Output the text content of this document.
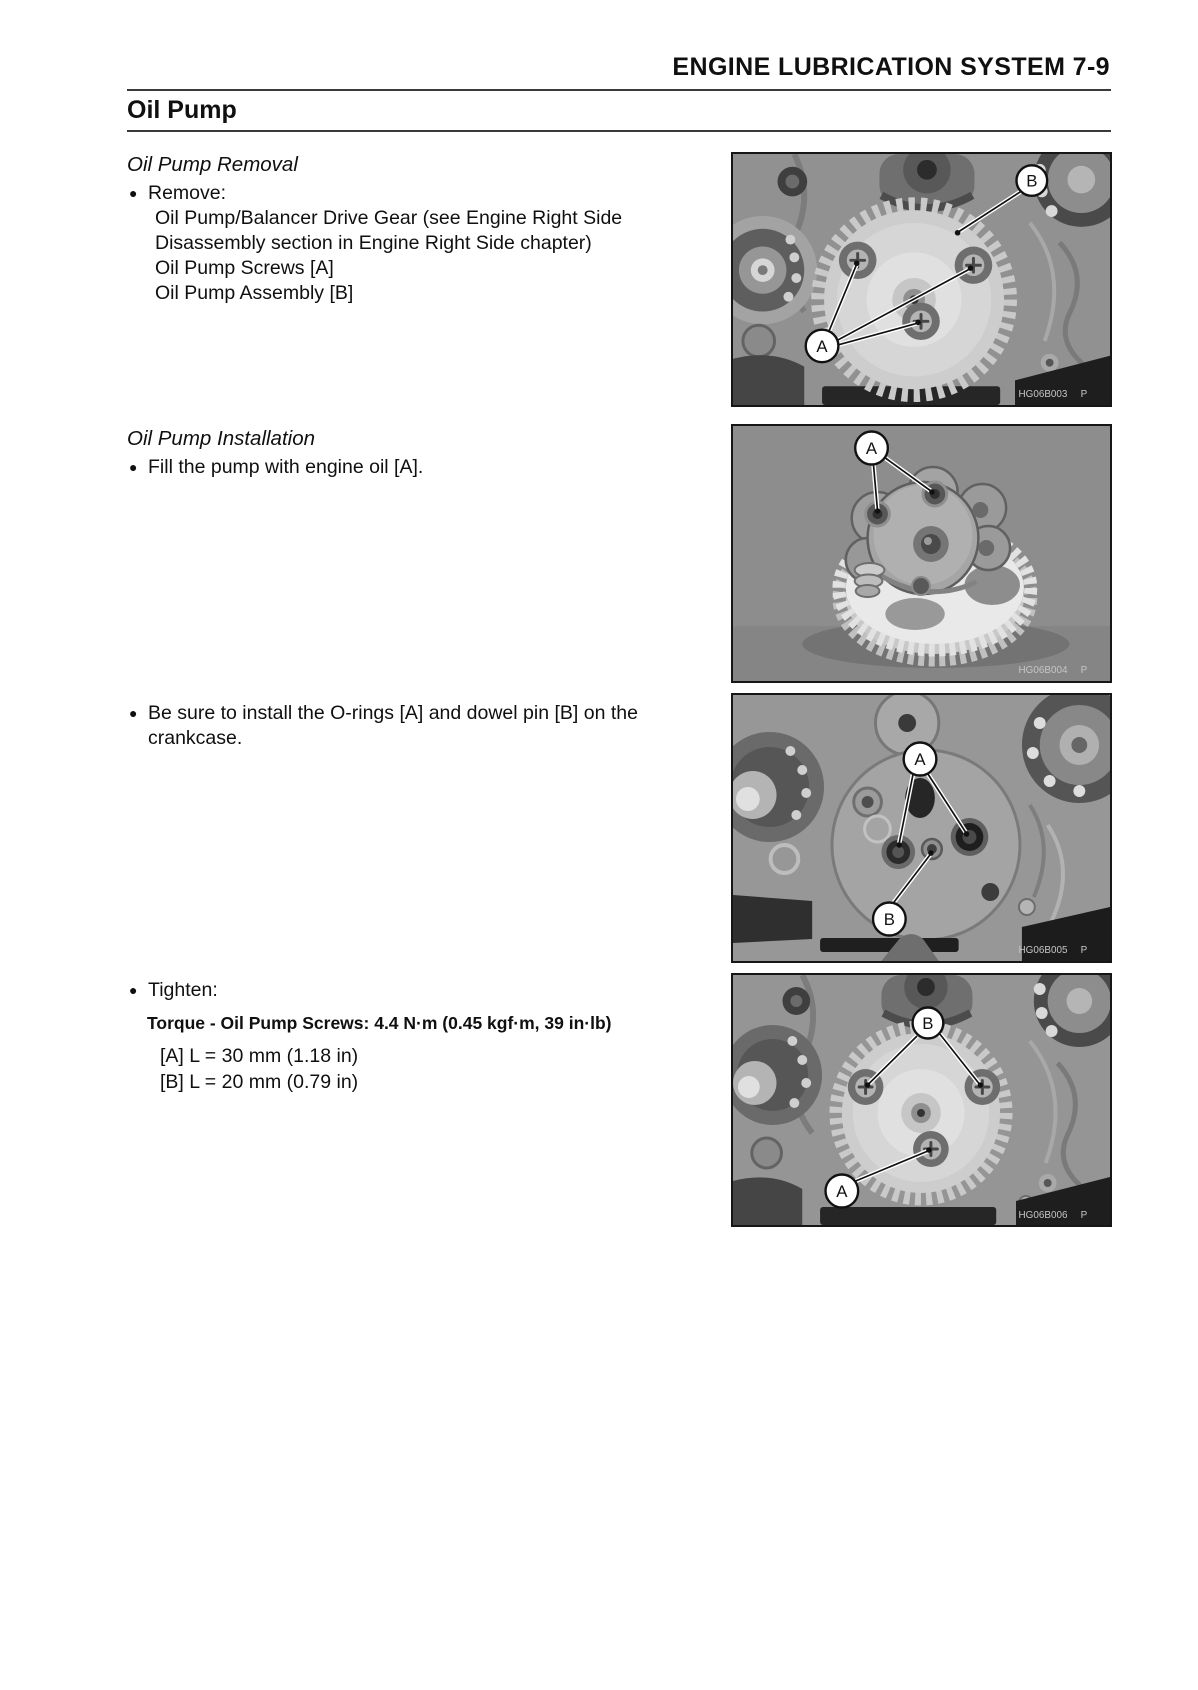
ENGINE LUBRICATION SYSTEM 7-9
Oil Pump
Oil Pump Removal
● Remove:
Oil Pump/Balancer Drive Gear (see Engine Right Side
Disassembly section in Engine Right Side chapter)
Oil Pump Screws [A]
Oil Pump Assembly [B]
Oil Pump Installation
● Fill the pump with engine oil [A].
● Be sure to install the O-rings [A] and dowel pin [B] on the
crankcase.
● Tighten:
Torque - Oil Pump Screws: 4.4 N·m (0.45 kgf·m, 39 in·lb)
[A] L = 30 mm (1.18 in)
[B] L = 20 mm (0.79 in)
A
B
HG06B003 P
A
HG06B004 P
A
B
HG06B005 P
B
A
HG06B006 P
